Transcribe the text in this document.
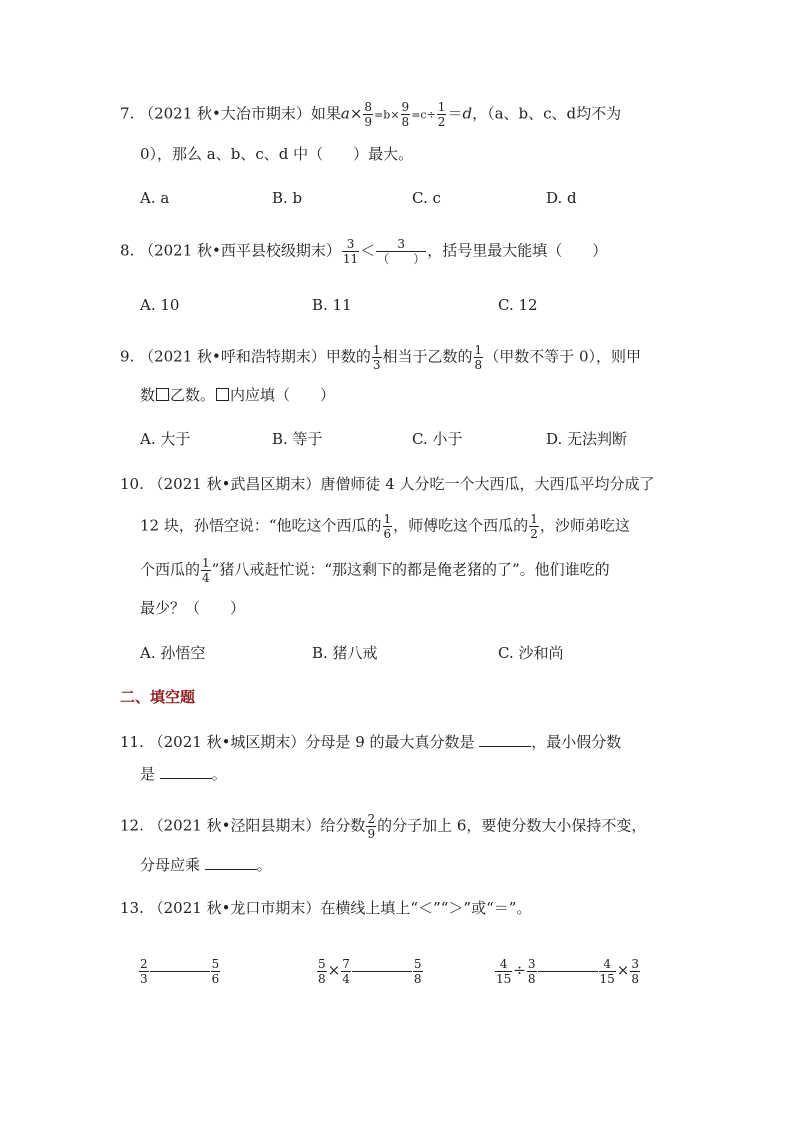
7. （2021 秋•大冶市期末）如果$a\times \frac{8}{9} =b\times \frac{9}{8} =c\div \frac{1}{2} =d$，（a、b、c、d均不为
0），那么 a、b、c、d 中（　　）最大。
A. a	B. b	C. c	D. d
8. （2021 秋•西平县校级期末） $\frac{3}{11} < \frac{3}{( )}$ ，括号里最大能填（　　）
A. 10	B. 11	C. 12
9. （2021 秋•呼和浩特期末）甲数的 $\frac{1}{3}$ 相当于乙数的 $\frac{1}{8}$ （甲数不等于 0），则甲
数 乙数。 内应填（　　）
A. 大于	B. 等于	C. 小于	D. 无法判断
10. （2021 秋•武昌区期末）唐僧师徒 4 人分吃一个大西瓜，大西瓜平均分成了
12 块，孙悟空说：“他吃这个西瓜的 $\frac{1}{6}$ ，师傅吃这个西瓜的 $\frac{1}{2}$ ，沙师弟吃这
个西瓜的 $\frac{1}{4}$ ”猪八戒赶忙说：“那这剩下的都是俺老猪的了”。他们谁吃的
最少？（　　）
A. 孙悟空	B. 猪八戒	C. 沙和尚
二、填空题
11. （2021 秋•城区期末）分母是 9 的最大真分数是	，最小假分数
是	。
12. （2021 秋•泾阳县期末）给分数 $\frac{2}{9}$ 的分子加上 6，要使分数大小保持不变，
分母应乘	。
13. （2021 秋•龙口市期末）在横线上填上“＜”“＞”或“＝”。
$\frac{2}{3}$	$\frac{5}{6}$	$\frac{5}{8} \times \frac{7}{4}$	$\frac{5}{8}$	$\frac{4}{15} \div \frac{3}{8}$	$\frac{4}{15} \times \frac{3}{8}$
